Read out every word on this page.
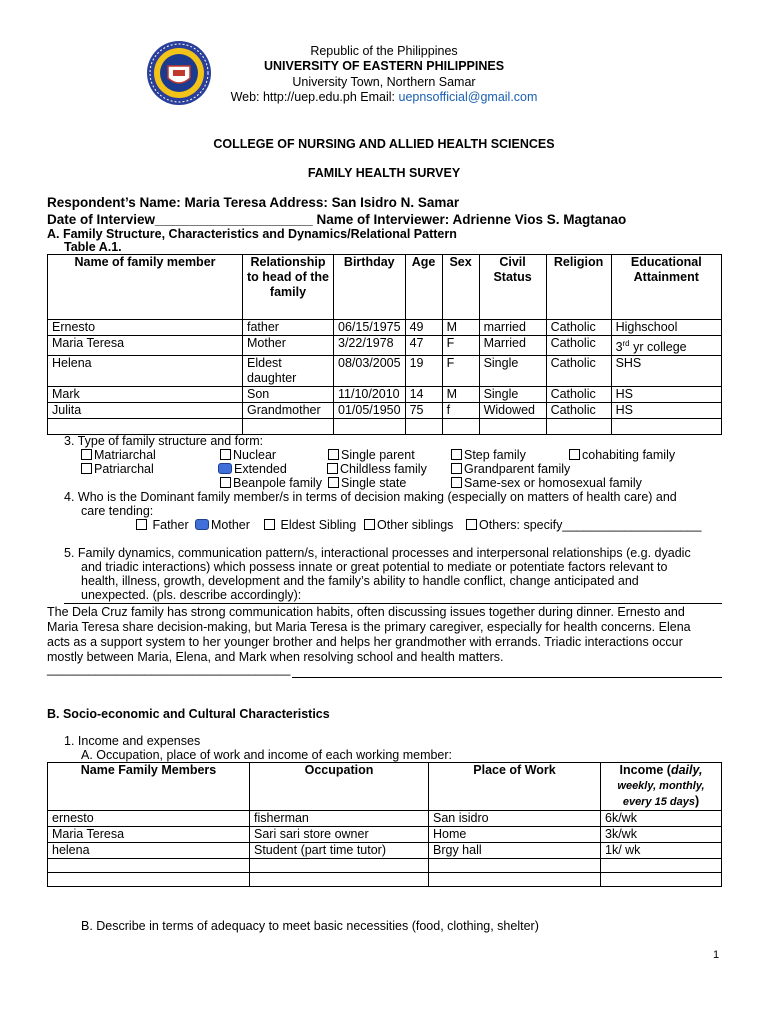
Republic of the Philippines
UNIVERSITY OF EASTERN PHILIPPINES
University Town, Northern Samar
Web: http://uep.edu.ph Email: uepnsofficial@gmail.com
COLLEGE OF NURSING AND ALLIED HEALTH SCIENCES
FAMILY HEALTH SURVEY
Respondent’s Name: Maria Teresa Address: San Isidro N. Samar
Date of Interview_____________________ Name of Interviewer: Adrienne Vios S. Magtanao
A. Family Structure, Characteristics and Dynamics/Relational Pattern
Table A.1.
Name of family member	Relationship to head of the family	Birthday	Age	Sex	Civil Status	Religion	Educational Attainment
Ernesto	father	06/15/1975	49	M	married	Catholic	Highschool
Maria Teresa	Mother	3/22/1978	47	F	Married	Catholic	3rd yr college
Helena	Eldest daughter	08/03/2005	19	F	Single	Catholic	SHS
Mark	Son	11/10/2010	14	M	Single	Catholic	HS
Julita	Grandmother	01/05/1950	75	f	Widowed	Catholic	HS

3. Type of family structure and form:
Matriarchal	Nuclear	Single parent	Step family	cohabiting family
Patriarchal	Extended	Childless family	Grandparent family
Beanpole family	Single state	Same-sex or homosexual family
4. Who is the Dominant family member/s in terms of decision making (especially on matters of health care) and
care tending:
Father	Mother	Eldest Sibling	Other siblings	Others: specify____________________
5. Family dynamics, communication pattern/s, interactional processes and interpersonal relationships (e.g. dyadic
and triadic interactions) which possess innate or great potential to mediate or potentiate factors relevant to
health, illness, growth, development and the family’s ability to handle conflict, change anticipated and
unexpected. (pls. describe accordingly):
The Dela Cruz family has strong communication habits, often discussing issues together during dinner. Ernesto and
Maria Teresa share decision-making, but Maria Teresa is the primary caregiver, especially for health concerns. Elena
acts as a support system to her younger brother and helps her grandmother with errands. Triadic interactions occur
mostly between Maria, Elena, and Mark when resolving school and health matters.
___________________________________
B. Socio-economic and Cultural Characteristics
1. Income and expenses
A. Occupation, place of work and income of each working member:
Name Family Members	Occupation	Place of Work	Income (daily,
weekly, monthly,
every 15 days)
ernesto	fisherman	San isidro	6k/wk
Maria Teresa	Sari sari store owner	Home	3k/wk
helena	Student (part time tutor)	Brgy hall	1k/ wk

B. Describe in terms of adequacy to meet basic necessities (food, clothing, shelter)
1
